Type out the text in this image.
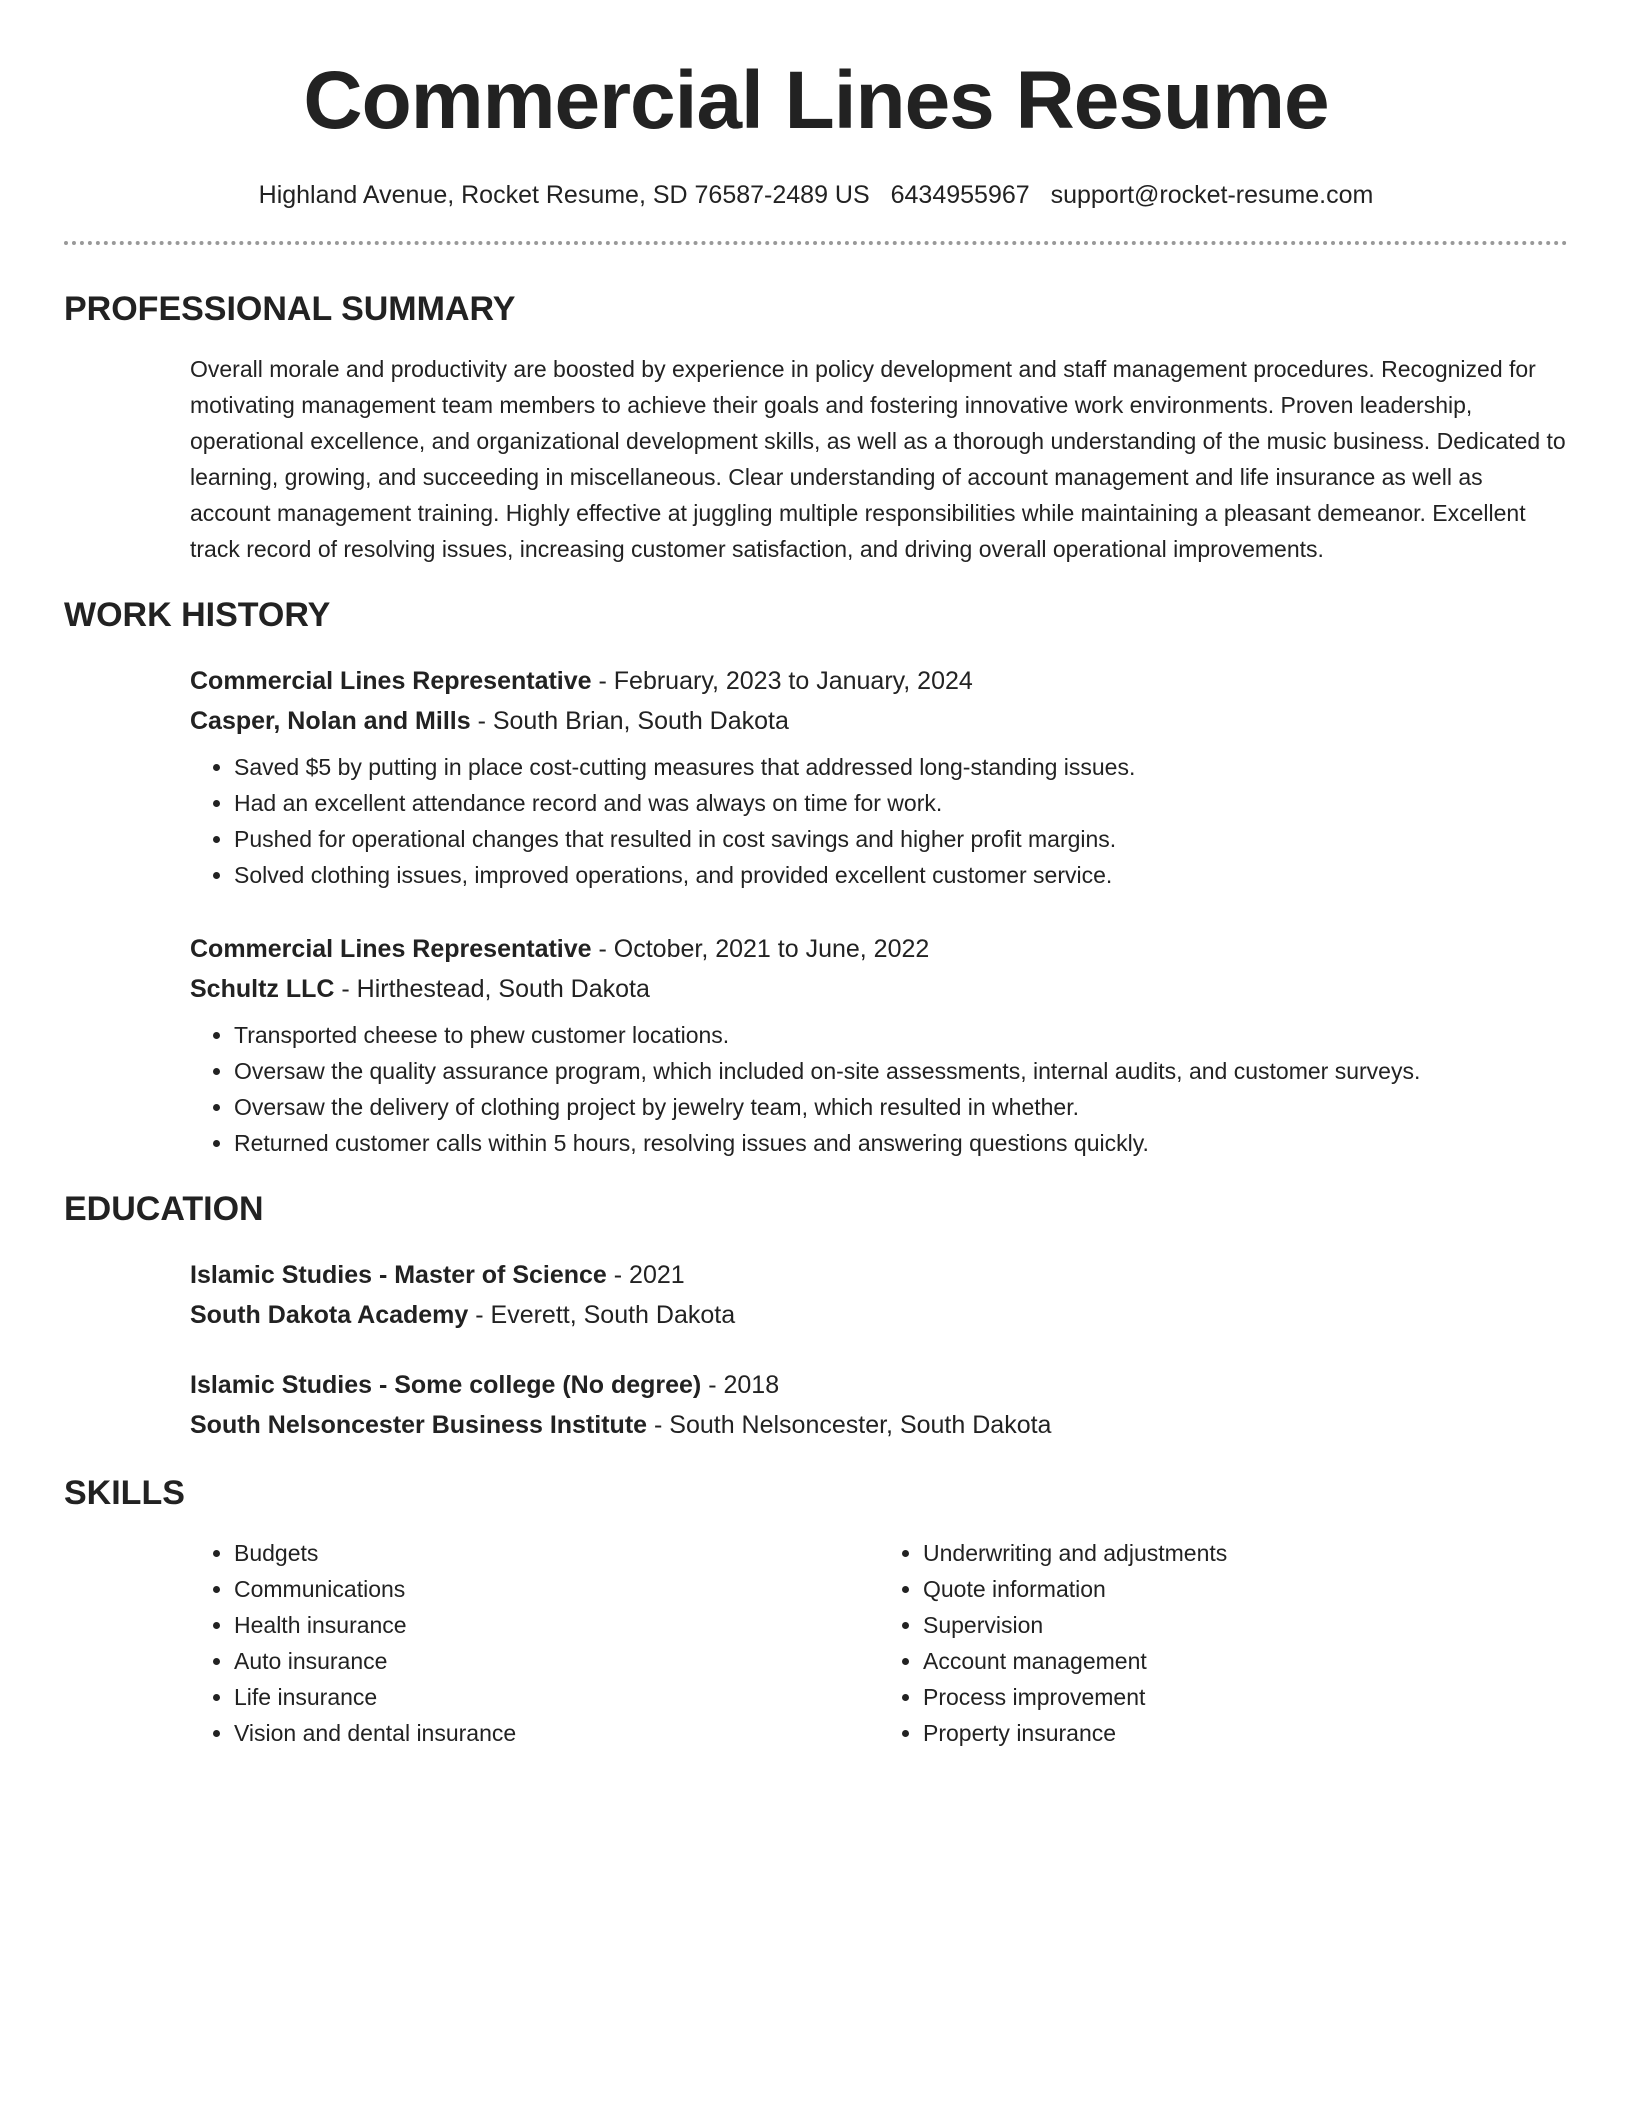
Commercial Lines Resume
Highland Avenue, Rocket Resume, SD 76587-2489 US 6434955967 support@rocket-resume.com
PROFESSIONAL SUMMARY

Overall morale and productivity are boosted by experience in policy development and staff management procedures. Recognized for motivating management team members to achieve their goals and fostering innovative work environments. Proven leadership, operational excellence, and organizational development skills, as well as a thorough understanding of the music business. Dedicated to learning, growing, and succeeding in miscellaneous. Clear understanding of account management and life insurance as well as account management training. Highly effective at juggling multiple responsibilities while maintaining a pleasant demeanor. Excellent track record of resolving issues, increasing customer satisfaction, and driving overall operational improvements.

WORK HISTORY
Commercial Lines Representative - February, 2023 to January, 2024
Casper, Nolan and Mills - South Brian, South Dakota
• Saved $5 by putting in place cost-cutting measures that addressed long-standing issues.
• Had an excellent attendance record and was always on time for work.
• Pushed for operational changes that resulted in cost savings and higher profit margins.
• Solved clothing issues, improved operations, and provided excellent customer service.
Commercial Lines Representative - October, 2021 to June, 2022
Schultz LLC - Hirthestead, South Dakota
• Transported cheese to phew customer locations.
• Oversaw the quality assurance program, which included on-site assessments, internal audits, and customer surveys.
• Oversaw the delivery of clothing project by jewelry team, which resulted in whether.
• Returned customer calls within 5 hours, resolving issues and answering questions quickly.
EDUCATION
Islamic Studies - Master of Science - 2021
South Dakota Academy - Everett, South Dakota
Islamic Studies - Some college (No degree) - 2018
South Nelsoncester Business Institute - South Nelsoncester, South Dakota
SKILLS
• Budgets
• Communications
• Health insurance
• Auto insurance
• Life insurance
• Vision and dental insurance
• Underwriting and adjustments
• Quote information
• Supervision
• Account management
• Process improvement
• Property insurance
